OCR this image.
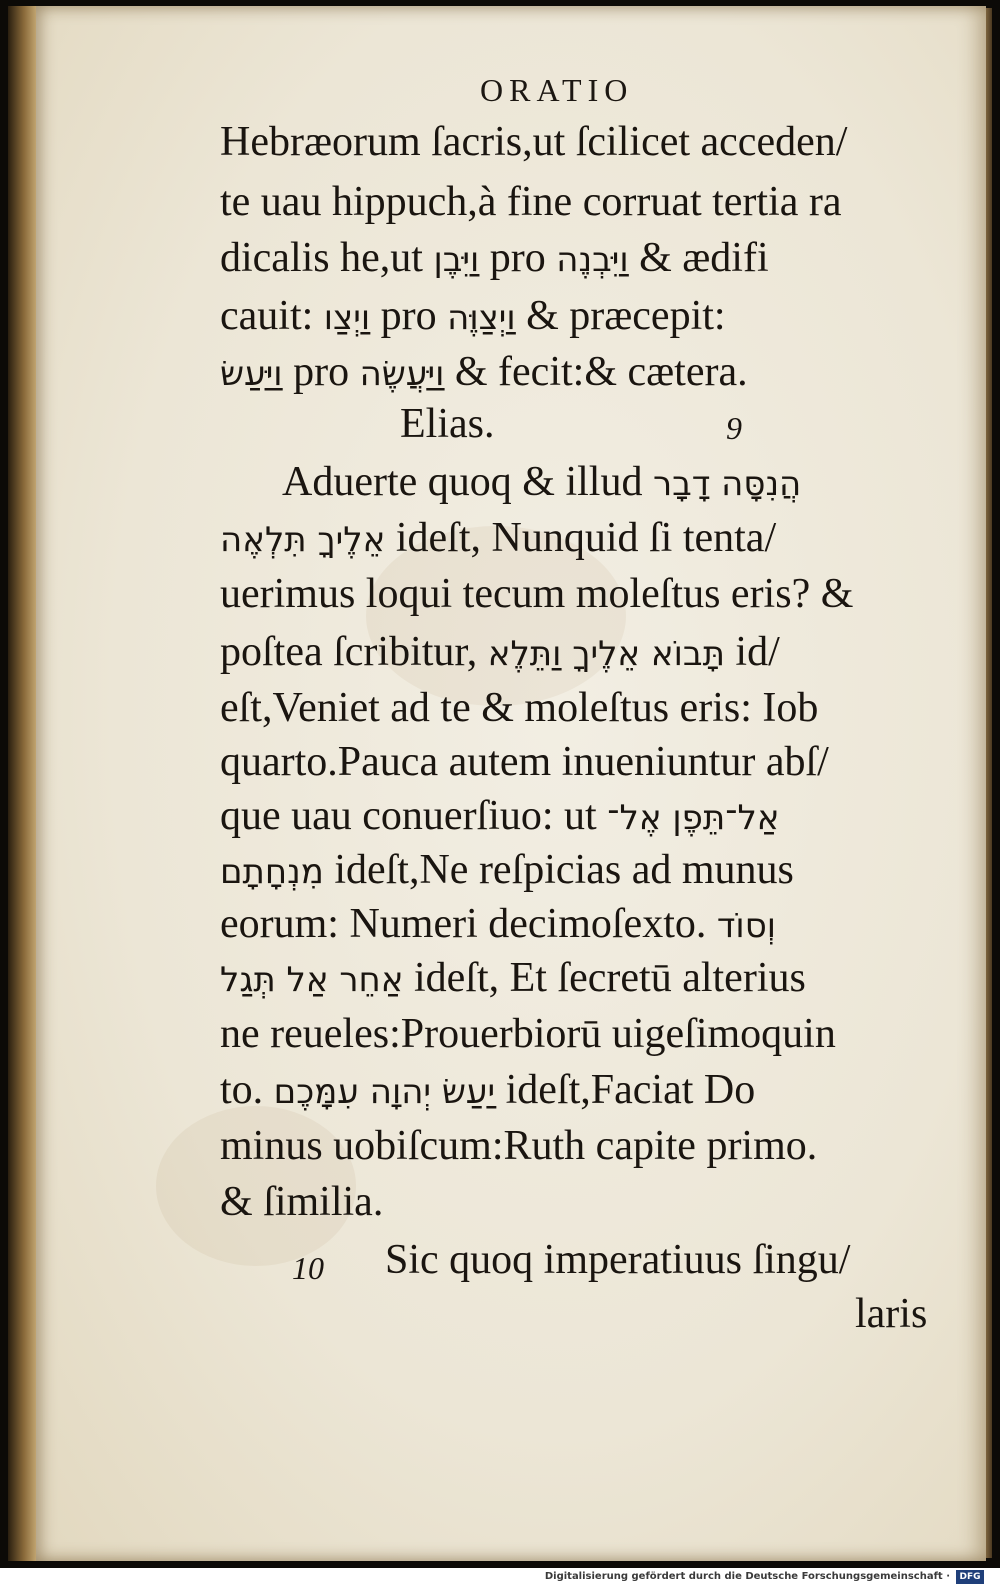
ORATIO
Hebræorum ſacris,ut ſcilicet acceden/
te uau hippuch,à fine corruat tertia ra
dicalis he,ut וַיִּבֶן pro וַיִּבְנֶה & ædifi
cauit: וַיְצַו pro וַיְצַוֶּה & præcepit:
וַיַּעַשׂ pro וַיַּעֲשֶׂה & fecit:& cætera.
Elias.	9
Aduerte quoq & illud הֲנִסָּה דָבָר
אֵלֶיךָ תִּלְאֶה ideſt, Nunquid ſi tenta/
uerimus loqui tecum moleſtus eris? &
poſtea ſcribitur, תָּבוֹא אֵלֶיךָ וַתֵּלֶא id/
eſt,Veniet ad te & moleſtus eris: Iob
quarto.Pauca autem inueniuntur abſ/
que uau conuerſiuo: ut אַל־תֵּפֶן אֶל־
מִנְחָתָם ideſt,Ne reſpicias ad munus
eorum: Numeri decimoſexto. וְסוֹד
אַחֵר אַל תְּגַל ideſt, Et ſecretū alterius
ne reueles:Prouerbiorū uigeſimoquin
to. יַעַשׂ יְהוָה עִמָּכֶם ideſt,Faciat Do
minus uobiſcum:Ruth capite primo.
& ſimilia.
10 Sic quoq imperatiuus ſingu/
laris
Digitalisierung gefördert durch die Deutsche Forschungsgemeinschaft ·	DFG
